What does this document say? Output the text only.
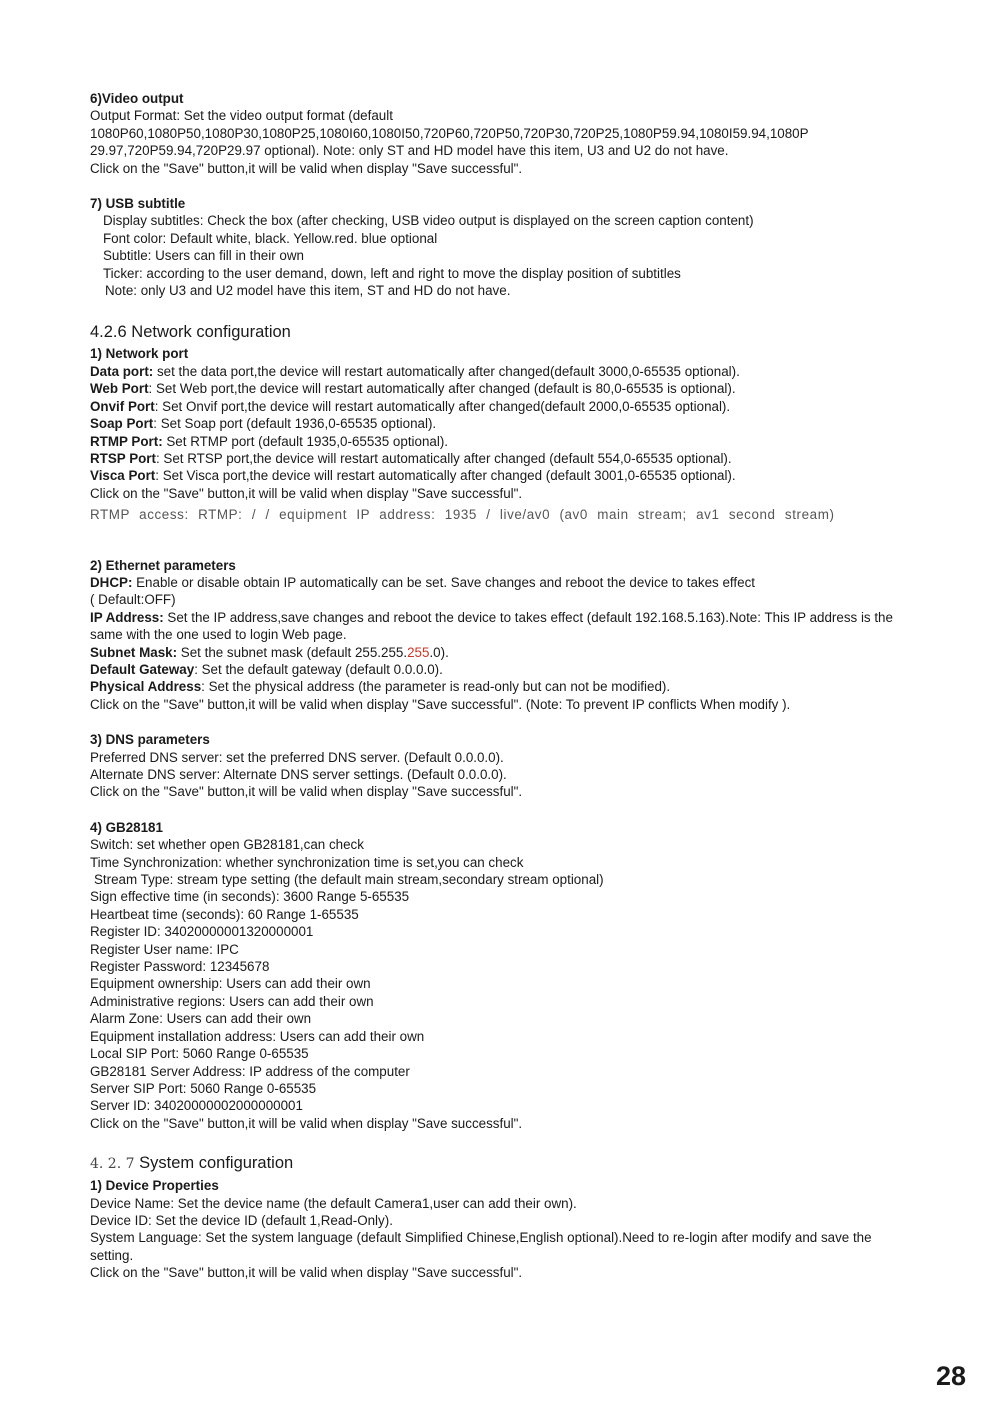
6)Video output
Output Format: Set the video output format (default
1080P60,1080P50,1080P30,1080P25,1080I60,1080I50,720P60,720P50,720P30,720P25,1080P59.94,1080I59.94,1080P
29.97,720P59.94,720P29.97 optional). Note: only ST and HD model have this item, U3 and U2 do not have.
Click on the "Save" button,it will be valid when display "Save successful".
7) USB subtitle
Display subtitles: Check the box (after checking, USB video output is displayed on the screen caption content)
Font color: Default white, black. Yellow.red. blue optional
Subtitle: Users can fill in their own
Ticker: according to the user demand, down, left and right to move the display position of subtitles
Note: only U3 and U2 model have this item, ST and HD do not have.
4.2.6 Network configuration
1) Network port
Data port: set the data port,the device will restart automatically after changed(default 3000,0-65535 optional).
Web Port: Set Web port,the device will restart automatically after changed (default is 80,0-65535 is optional).
Onvif Port: Set Onvif port,the device will restart automatically after changed(default 2000,0-65535 optional).
Soap Port: Set Soap port (default 1936,0-65535 optional).
RTMP Port: Set RTMP port (default 1935,0-65535 optional).
RTSP Port: Set RTSP port,the device will restart automatically after changed (default 554,0-65535 optional).
Visca Port: Set Visca port,the device will restart automatically after changed (default 3001,0-65535 optional).
Click on the "Save" button,it will be valid when display "Save successful".
RTMP access: RTMP: / / equipment IP address: 1935 / live/av0 (av0 main stream; av1 second stream)
2) Ethernet parameters
DHCP: Enable or disable obtain IP automatically can be set. Save changes and reboot the device to takes effect
( Default:OFF)
IP Address: Set the IP address,save changes and reboot the device to takes effect (default 192.168.5.163).Note: This IP address is the same with the one used to login Web page.
Subnet Mask: Set the subnet mask (default 255.255.255.0).
Default Gateway: Set the default gateway (default 0.0.0.0).
Physical Address: Set the physical address (the parameter is read-only but can not be modified).
Click on the "Save" button,it will be valid when display "Save successful". (Note: To prevent IP conflicts When modify ).
3) DNS parameters
Preferred DNS server: set the preferred DNS server. (Default 0.0.0.0).
Alternate DNS server: Alternate DNS server settings. (Default 0.0.0.0).
Click on the "Save" button,it will be valid when display "Save successful".
4) GB28181
Switch: set whether open GB28181,can check
Time Synchronization: whether synchronization time is set,you can check
Stream Type: stream type setting (the default main stream,secondary stream optional)
Sign effective time (in seconds): 3600 Range 5-65535
Heartbeat time (seconds): 60 Range 1-65535
Register ID: 34020000001320000001
Register User name: IPC
Register Password: 12345678
Equipment ownership: Users can add their own
Administrative regions: Users can add their own
Alarm Zone: Users can add their own
Equipment installation address: Users can add their own
Local SIP Port: 5060 Range 0-65535
GB28181 Server Address: IP address of the computer
Server SIP Port: 5060 Range 0-65535
Server ID: 34020000002000000001
Click on the "Save" button,it will be valid when display "Save successful".
4. 2. 7 System configuration
1) Device Properties
Device Name: Set the device name (the default Camera1,user can add their own).
Device ID: Set the device ID (default 1,Read-Only).
System Language: Set the system language (default Simplified Chinese,English optional).Need to re-login after modify and save the setting.
Click on the "Save" button,it will be valid when display "Save successful".
28
